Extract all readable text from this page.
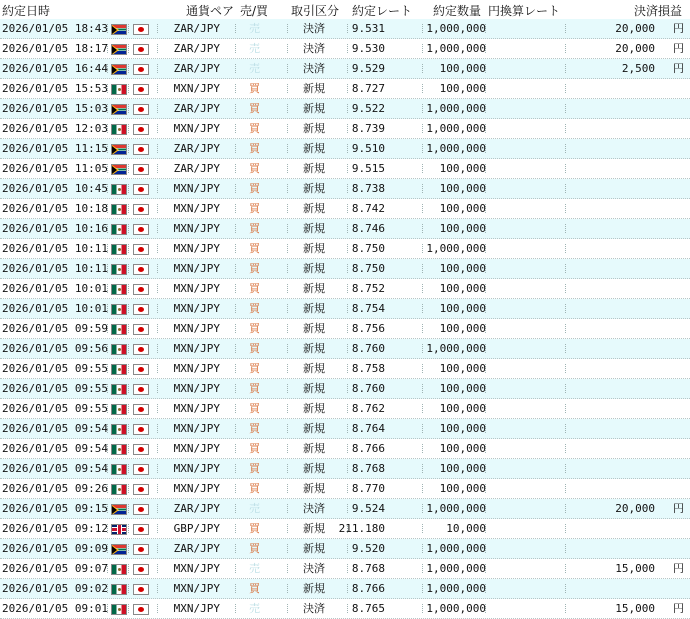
約定日時	通貨ペア 売/買 取引区分 約定レート 約定数量 円換算レート	決済損益
2026/01/05 18:43	ZAR/JPY	売	決済 9.531	1,000,000	20,000 円
2026/01/05 18:17	ZAR/JPY	売	決済 9.530	1,000,000	20,000 円
2026/01/05 16:44	ZAR/JPY	売	決済 9.529	100,000	2,500 円
2026/01/05 15:53	MXN/JPY	買	新規 8.727	100,000
2026/01/05 15:03	ZAR/JPY	買	新規 9.522	1,000,000
2026/01/05 12:03	MXN/JPY	買	新規 8.739	1,000,000
2026/01/05 11:15	ZAR/JPY	買	新規 9.510	1,000,000
2026/01/05 11:05	ZAR/JPY	買	新規 9.515	100,000
2026/01/05 10:45	MXN/JPY	買	新規 8.738	100,000
2026/01/05 10:18	MXN/JPY	買	新規 8.742	100,000
2026/01/05 10:16	MXN/JPY	買	新規 8.746	100,000
2026/01/05 10:11	MXN/JPY	買	新規 8.750	1,000,000
2026/01/05 10:11	MXN/JPY	買	新規 8.750	100,000
2026/01/05 10:01	MXN/JPY	買	新規 8.752	100,000
2026/01/05 10:01	MXN/JPY	買	新規 8.754	100,000
2026/01/05 09:59	MXN/JPY	買	新規 8.756	100,000
2026/01/05 09:56	MXN/JPY	買	新規 8.760	1,000,000
2026/01/05 09:55	MXN/JPY	買	新規 8.758	100,000
2026/01/05 09:55	MXN/JPY	買	新規 8.760	100,000
2026/01/05 09:55	MXN/JPY	買	新規 8.762	100,000
2026/01/05 09:54	MXN/JPY	買	新規 8.764	100,000
2026/01/05 09:54	MXN/JPY	買	新規 8.766	100,000
2026/01/05 09:54	MXN/JPY	買	新規 8.768	100,000
2026/01/05 09:26	MXN/JPY	買	新規 8.770	100,000
2026/01/05 09:15	ZAR/JPY	売	決済 9.524	1,000,000	20,000 円
2026/01/05 09:12	GBP/JPY	買	新規 211.180	10,000
2026/01/05 09:09	ZAR/JPY	買	新規 9.520	1,000,000
2026/01/05 09:07	MXN/JPY	売	決済 8.768	1,000,000	15,000 円
2026/01/05 09:02	MXN/JPY	買	新規 8.766	1,000,000
2026/01/05 09:01	MXN/JPY	売	決済 8.765	1,000,000	15,000 円
